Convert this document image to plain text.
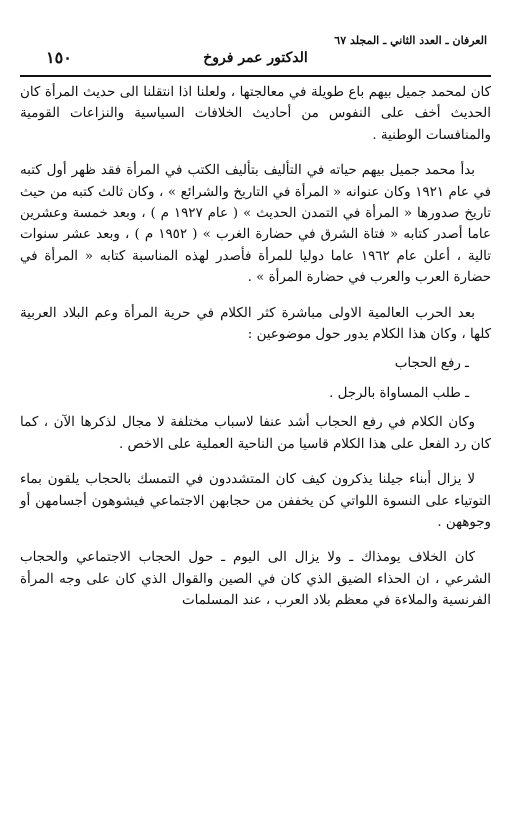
العرفان ـ العدد الثاني ـ المجلد ٦٧
الدكتور عمر فروخ
١٥٠

كان لمحمد جميل بيهم باع طويلة في معالجتها ، ولعلنا اذا انتقلنا الى حديث المرأة كان الحديث أخف على النفوس من أحاديث الخلافات السياسية والنزاعات القومية والمنافسات الوطنية .

بدأ محمد جميل بيهم حياته في التأليف بتأليف الكتب في المرأة فقد ظهر أول كتبه في عام ١٩٢١ وكان عنوانه « المرأة في التاريخ والشرائع » ، وكان ثالث كتبه من حيث تاريخ صدورها « المرأة في التمدن الحديث » ( عام ١٩٢٧ م ) ، وبعد خمسة وعشرين عاما أصدر كتابه « فتاة الشرق في حضارة الغرب » ( ١٩٥٢ م ) ، وبعد عشر سنوات تالية ، أعلن عام ١٩٦٢ عاما دوليا للمرأة فأصدر لهذه المناسبة كتابه « المرأة في حضارة العرب والعرب في حضارة المرأة » .

بعد الحرب العالمية الاولى مباشرة كثر الكلام في حرية المرأة وعم البلاد العربية كلها ، وكان هذا الكلام يدور حول موضوعين :

ـ رفع الحجاب

ـ طلب المساواة بالرجل .

وكان الكلام في رفع الحجاب أشد عنفا لاسباب مختلفة لا مجال لذكرها الآن ، كما كان رد الفعل على هذا الكلام قاسيا من الناحية العملية على الاخص .

لا يزال أبناء جيلنا يذكرون كيف كان المتشددون في التمسك بالحجاب يلقون بماء التوتياء على النسوة اللواتي كن يخففن من حجابهن الاجتماعي فيشوهون أجسامهن أو وجوههن .

كان الخلاف يومذاك ـ ولا يزال الى اليوم ـ حول الحجاب الاجتماعي والحجاب الشرعي ، ان الحذاء الضيق الذي كان في الصين والقوال الذي كان على وجه المرأة الفرنسية والملاءة في معظم بلاد العرب ، عند المسلمات
